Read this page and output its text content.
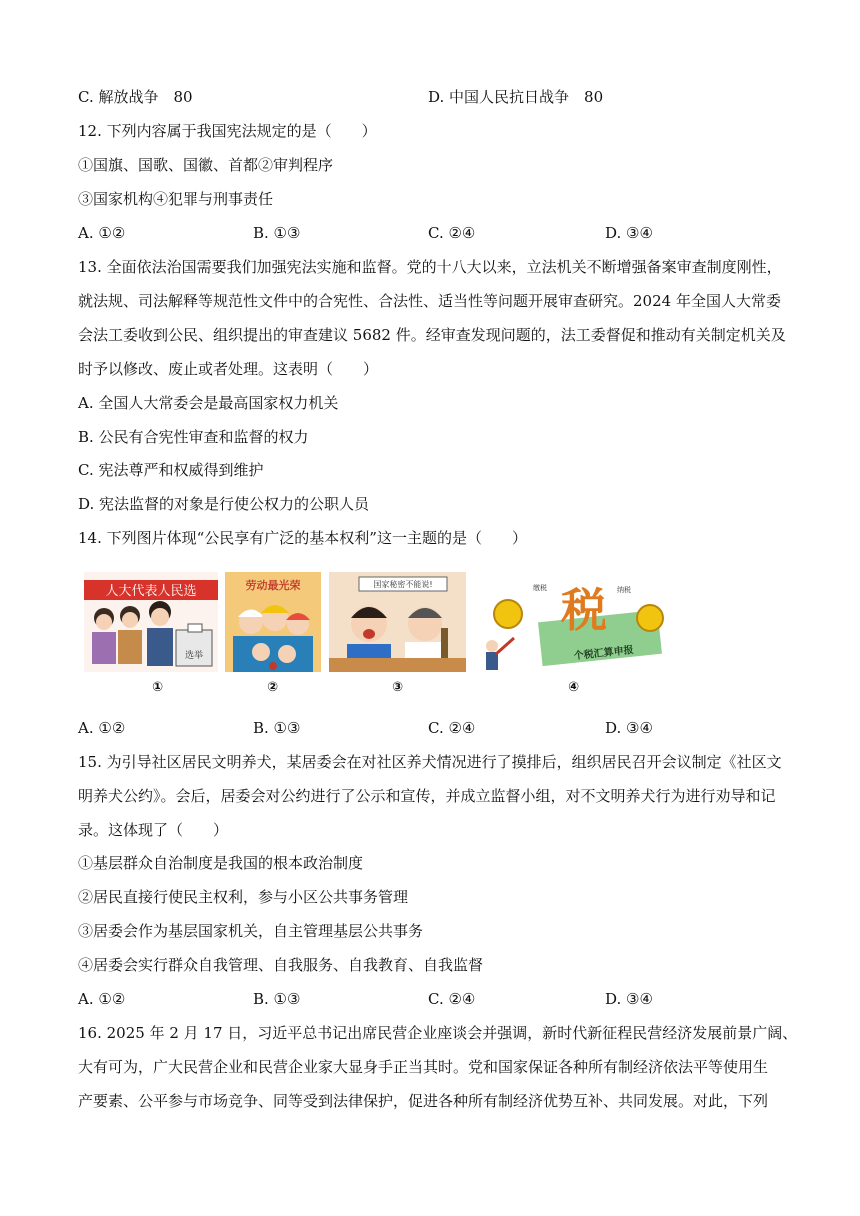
C. 解放战争　80	D. 中国人民抗日战争　80
12. 下列内容属于我国宪法规定的是（　　）
①国旗、国歌、国徽、首都②审判程序
③国家机构④犯罪与刑事责任
A. ①②	B. ①③	C. ②④	D. ③④
13. 全面依法治国需要我们加强宪法实施和监督。党的十八大以来，立法机关不断增强备案审查制度刚性，
就法规、司法解释等规范性文件中的合宪性、合法性、适当性等问题开展审查研究。2024 年全国人大常委
会法工委收到公民、组织提出的审查建议 5682 件。经审查发现问题的，法工委督促和推动有关制定机关及
时予以修改、废止或者处理。这表明（　　）
A. 全国人大常委会是最高国家权力机关
B. 公民有合宪性审查和监督的权力
C. 宪法尊严和权威得到维护
D. 宪法监督的对象是行使公权力的公职人员
14. 下列图片体现“公民享有广泛的基本权利”这一主题的是（　　）
人大代表人民选
选举
劳动最光荣	国家秘密不能说!
个税汇算申报
税
缴税	纳税
①	②	③	④
A. ①②	B. ①③	C. ②④	D. ③④
15. 为引导社区居民文明养犬，某居委会在对社区养犬情况进行了摸排后，组织居民召开会议制定《社区文
明养犬公约》。会后，居委会对公约进行了公示和宣传，并成立监督小组，对不文明养犬行为进行劝导和记
录。这体现了（　　）
①基层群众自治制度是我国的根本政治制度
②居民直接行使民主权利，参与小区公共事务管理
③居委会作为基层国家机关，自主管理基层公共事务
④居委会实行群众自我管理、自我服务、自我教育、自我监督
A. ①②	B. ①③	C. ②④	D. ③④
16. 2025 年 2 月 17 日，习近平总书记出席民营企业座谈会并强调，新时代新征程民营经济发展前景广阔、
大有可为，广大民营企业和民营企业家大显身手正当其时。党和国家保证各种所有制经济依法平等使用生
产要素、公平参与市场竞争、同等受到法律保护，促进各种所有制经济优势互补、共同发展。对此，下列
